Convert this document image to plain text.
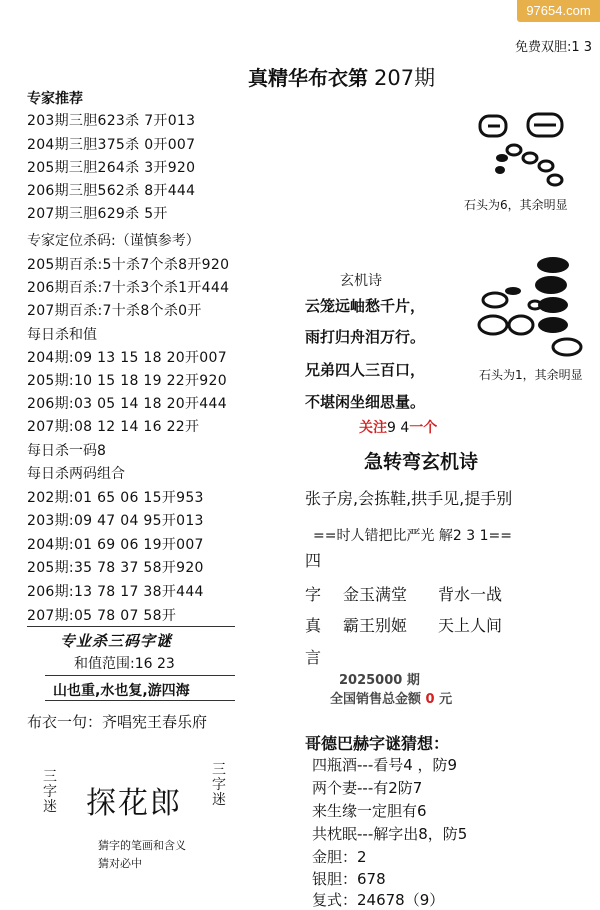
97654.com
免费双胆:1 3
真精华布衣第 207期
专家推荐
203期三胆623杀 7开013
204期三胆375杀 0开007
205期三胆264杀 3开920
206期三胆562杀 8开444
207期三胆629杀 5开
专家定位杀码:（谨慎参考）
205期百杀:5十杀7个杀8开920
206期百杀:7十杀3个杀1开444
207期百杀:7十杀8个杀0开
每日杀和值
204期:09 13 15 18 20开007
205期:10 15 18 19 22开920
206期:03 05 14 18 20开444
207期:08 12 14 16 22开
每日杀一码8
每日杀两码组合
202期:01 65 06 15开953
203期:09 47 04 95开013
204期:01 69 06 19开007
205期:35 78 37 58开920
206期:13 78 17 38开444
207期:05 78 07 58开
专业杀三码字谜
和值范围:16 23
山也重,水也复,游四海
布衣一句：齐唱宪王春乐府
三字迷 探花郎
三字迷
猜字的笔画和含义
猜对必中
石头为6，其余明显
玄机诗
云笼远岫愁千片，
雨打归舟泪万行。
兄弟四人三百口，
不堪闲坐细思量。
石头为1，其余明显
关注9 4一个
急转弯玄机诗
张子房,会拣鞋,拱手见,提手别
==时人错把比严光 解2 3 1==
四
字
真
言
金玉满堂 背水一战
霸王别姬 天上人间
2025000 期
全国销售总金额 0 元
哥德巴赫字谜猜想：
四瓶酒---看号4 ，防9
两个妻---有2防7
来生缘一定胆有6
共枕眠---解字出8，防5
金胆：2
银胆：678
复式：24678（9）
